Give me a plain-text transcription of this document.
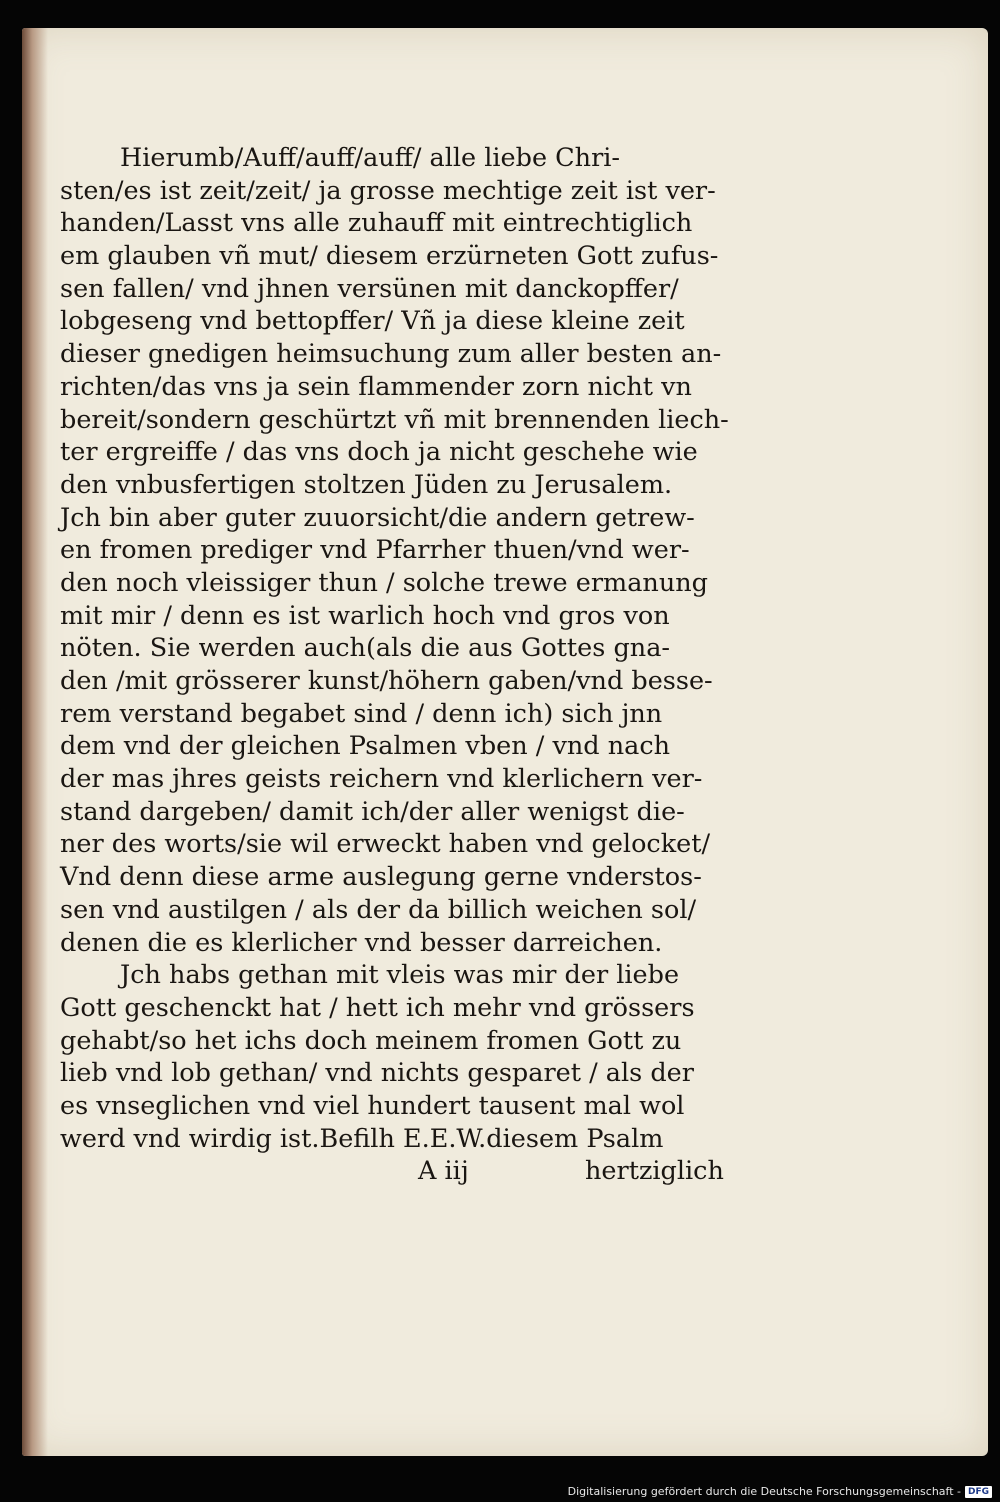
Hierumb/Auff/auff/auff/ alle liebe Chri-
sten/es ist zeit/zeit/ ja grosse mechtige zeit ist ver-
handen/Lasst vns alle zuhauff mit eintrechtiglich
em glauben vñ mut/ diesem erzürneten Gott zufus-
sen fallen/ vnd jhnen versünen mit danckopffer/
lobgeseng vnd bettopffer/ Vñ ja diese kleine zeit
dieser gnedigen heimsuchung zum aller besten an-
richten/das vns ja sein flammender zorn nicht vn
bereit/sondern geschürtzt vñ mit brennenden liech-
ter ergreiffe / das vns doch ja nicht geschehe wie
den vnbusfertigen stoltzen Jüden zu Jerusalem.
Jch bin aber guter zuuorsicht/die andern getrew-
en fromen prediger vnd Pfarrher thuen/vnd wer-
den noch vleissiger thun / solche trewe ermanung
mit mir / denn es ist warlich hoch vnd gros von
nöten. Sie werden auch(als die aus Gottes gna-
den /mit grösserer kunst/höhern gaben/vnd besse-
rem verstand begabet sind / denn ich) sich jnn
dem vnd der gleichen Psalmen vben / vnd nach
der mas jhres geists reichern vnd klerlichern ver-
stand dargeben/ damit ich/der aller wenigst die-
ner des worts/sie wil erweckt haben vnd gelocket/
Vnd denn diese arme auslegung gerne vnderstos-
sen vnd austilgen / als der da billich weichen sol/
denen die es klerlicher vnd besser darreichen.
Jch habs gethan mit vleis was mir der liebe
Gott geschenckt hat / hett ich mehr vnd grössers
gehabt/so het ichs doch meinem fromen Gott zu
lieb vnd lob gethan/ vnd nichts gesparet / als der
es vnseglichen vnd viel hundert tausent mal wol
werd vnd wirdig ist.Befilh E.E.W.diesem Psalm
A iij	hertziglich
Digitalisierung gefördert durch die Deutsche Forschungsgemeinschaft - DFG
